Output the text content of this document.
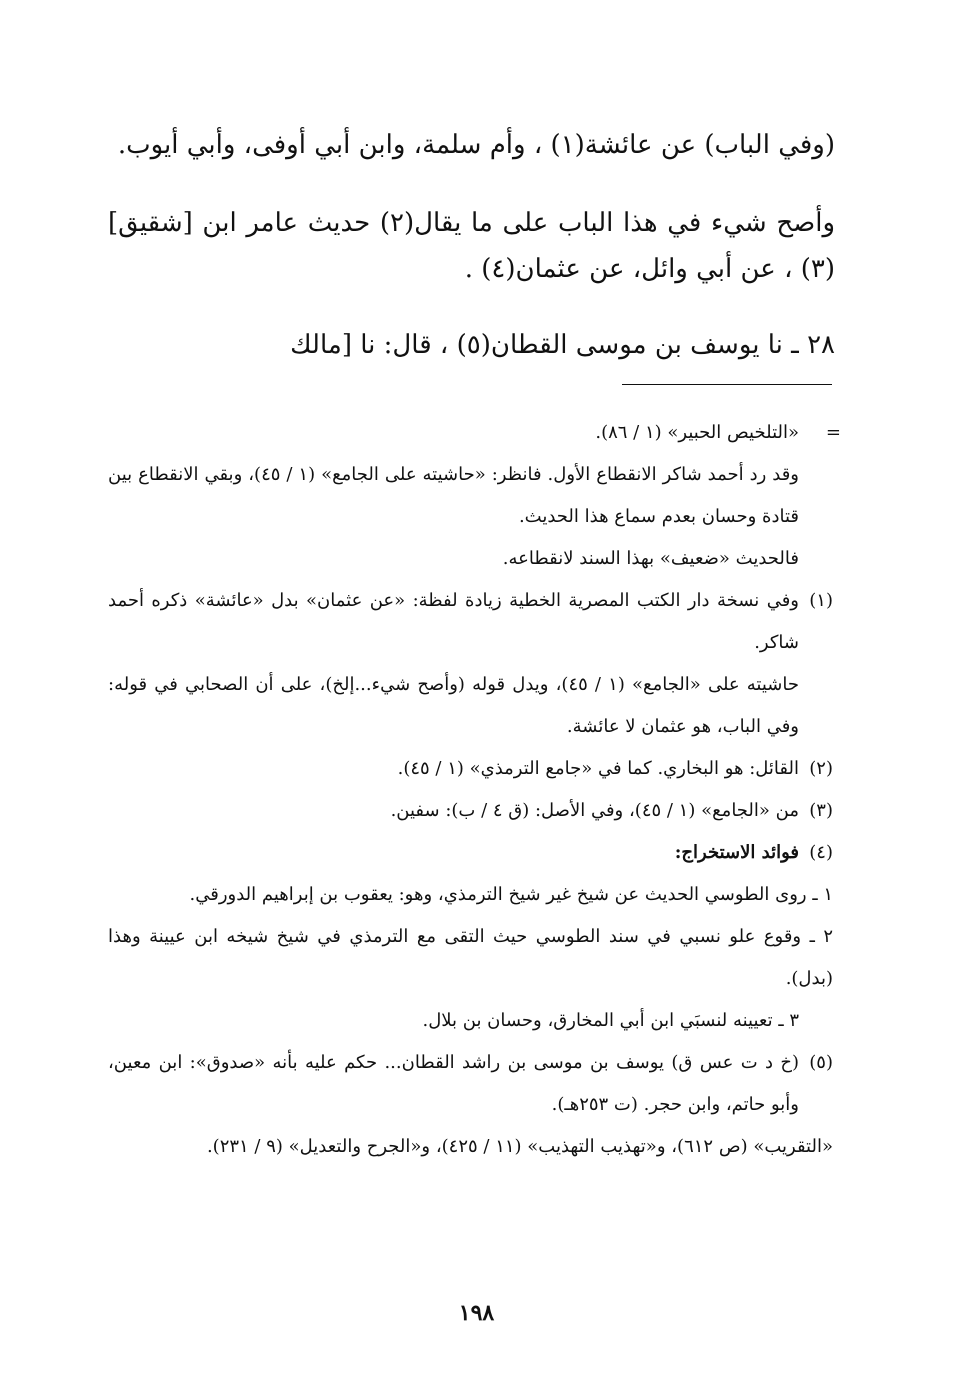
(وفي الباب) عن عائشة(١) ، وأم سلمة، وابن أبي أوفى، وأبي أيوب.

وأصح شيء في هذا الباب على ما يقال(٢) حديث عامر ابن [شقيق](٣) ، عن أبي وائل، عن عثمان(٤) .

٢٨ ـ نا يوسف بن موسى القطان(٥) ، قال: نا [مالك

=
«التلخيص الحبير» (١ / ٨٦).

وقد رد أحمد شاكر الانقطاع الأول. فانظر: «حاشيته على الجامع» (١ / ٤٥)، وبقي الانقطاع بين قتادة وحسان بعدم سماع هذا الحديث.

فالحديث «ضعيف» بهذا السند لانقطاعه.

(١)
وفي نسخة دار الكتب المصرية الخطية زيادة لفظة: «عن عثمان» بدل «عائشة» ذكره أحمد شاكر.

حاشيته على «الجامع» (١ / ٤٥)، ويدل قوله (وأصح شيء...إلخ)، على أن الصحابي في قوله: وفي الباب، هو عثمان لا عائشة.

(٢)
القائل: هو البخاري. كما في «جامع الترمذي» (١ / ٤٥).

(٣)
من «الجامع» (١ / ٤٥)، وفي الأصل: (ق ٤ / ب): سفين.

(٤)
فوائد الاستخراج:

١ ـ روى الطوسي الحديث عن شيخ غير شيخ الترمذي، وهو: يعقوب بن إبراهيم الدورقي.

٢ ـ وقوع علو نسبي في سند الطوسي حيث التقى مع الترمذي في شيخ شيخه ابن عيينة وهذا (بدل).

٣ ـ تعيينه لنسبَي ابن أبي المخارق، وحسان بن بلال.

(٥)
(خ د ت عس ق) يوسف بن موسى بن راشد القطان... حكم عليه بأنه «صدوق»: ابن معين، وأبو حاتم، وابن حجر. (ت ٢٥٣هـ).

«التقريب» (ص ٦١٢)، و«تهذيب التهذيب» (١١ / ٤٢٥)، و«الجرح والتعديل» (٩ / ٢٣١).

١٩٨
